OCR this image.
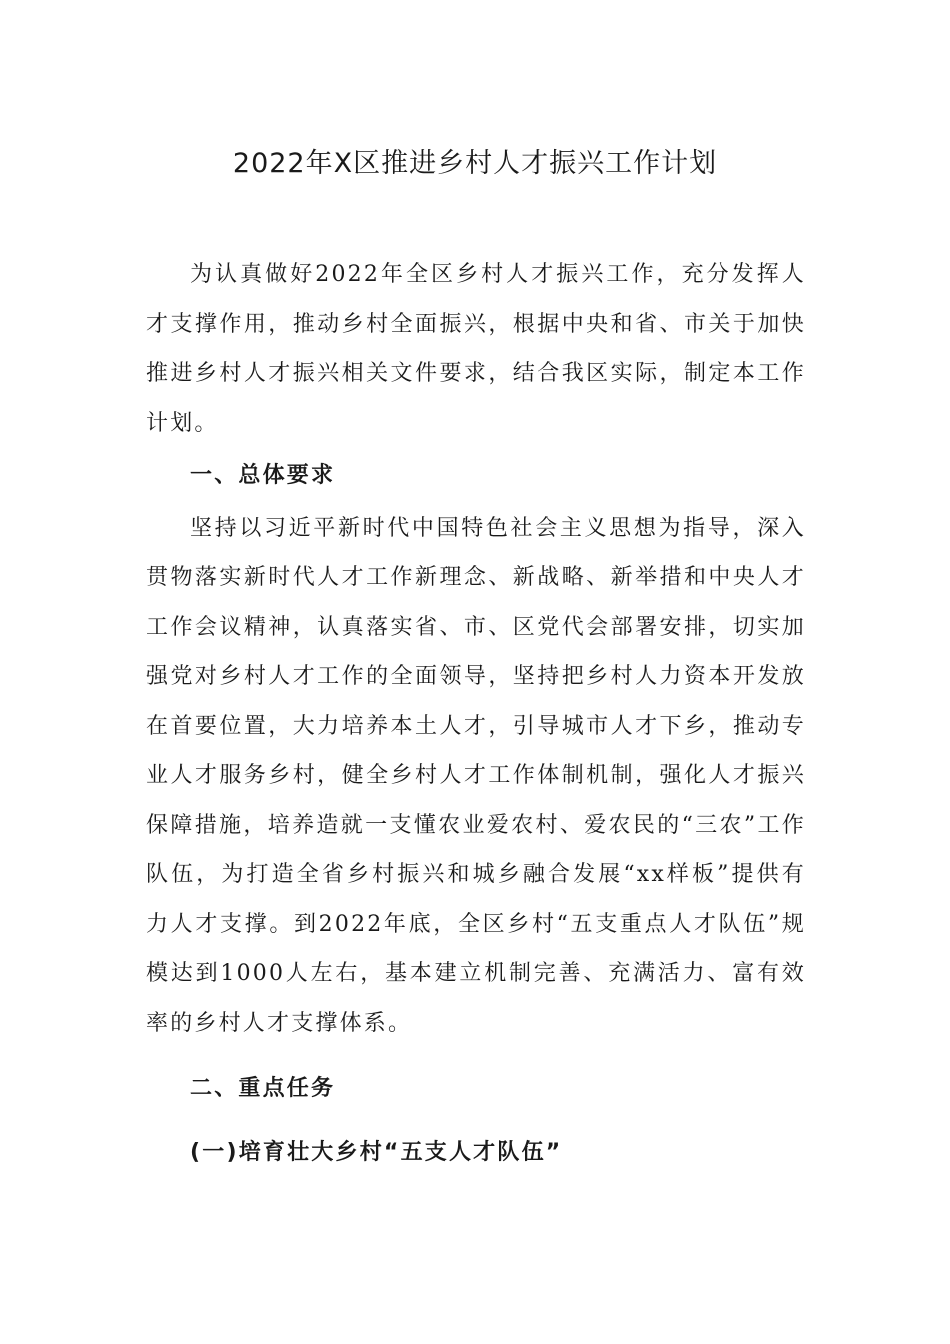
2022年X区推进乡村人才振兴工作计划

为认真做好2022年全区乡村人才振兴工作，充分发挥人才支撑作用，推动乡村全面振兴，根据中央和省、市关于加快推进乡村人才振兴相关文件要求，结合我区实际，制定本工作计划。

一、总体要求

坚持以习近平新时代中国特色社会主义思想为指导，深入贯物落实新时代人才工作新理念、新战略、新举措和中央人才工作会议精神，认真落实省、市、区党代会部署安排，切实加强党对乡村人才工作的全面领导，坚持把乡村人力资本开发放在首要位置，大力培养本土人才，引导城市人才下乡，推动专业人才服务乡村，健全乡村人才工作体制机制，强化人才振兴保障措施，培养造就一支懂农业爱农村、爱农民的“三农”工作队伍，为打造全省乡村振兴和城乡融合发展“xx样板”提供有力人才支撑。到2022年底，全区乡村“五支重点人才队伍”规模达到1000人左右，基本建立机制完善、充满活力、富有效率的乡村人才支撑体系。

二、重点任务

(一)培育壮大乡村“五支人才队伍”
